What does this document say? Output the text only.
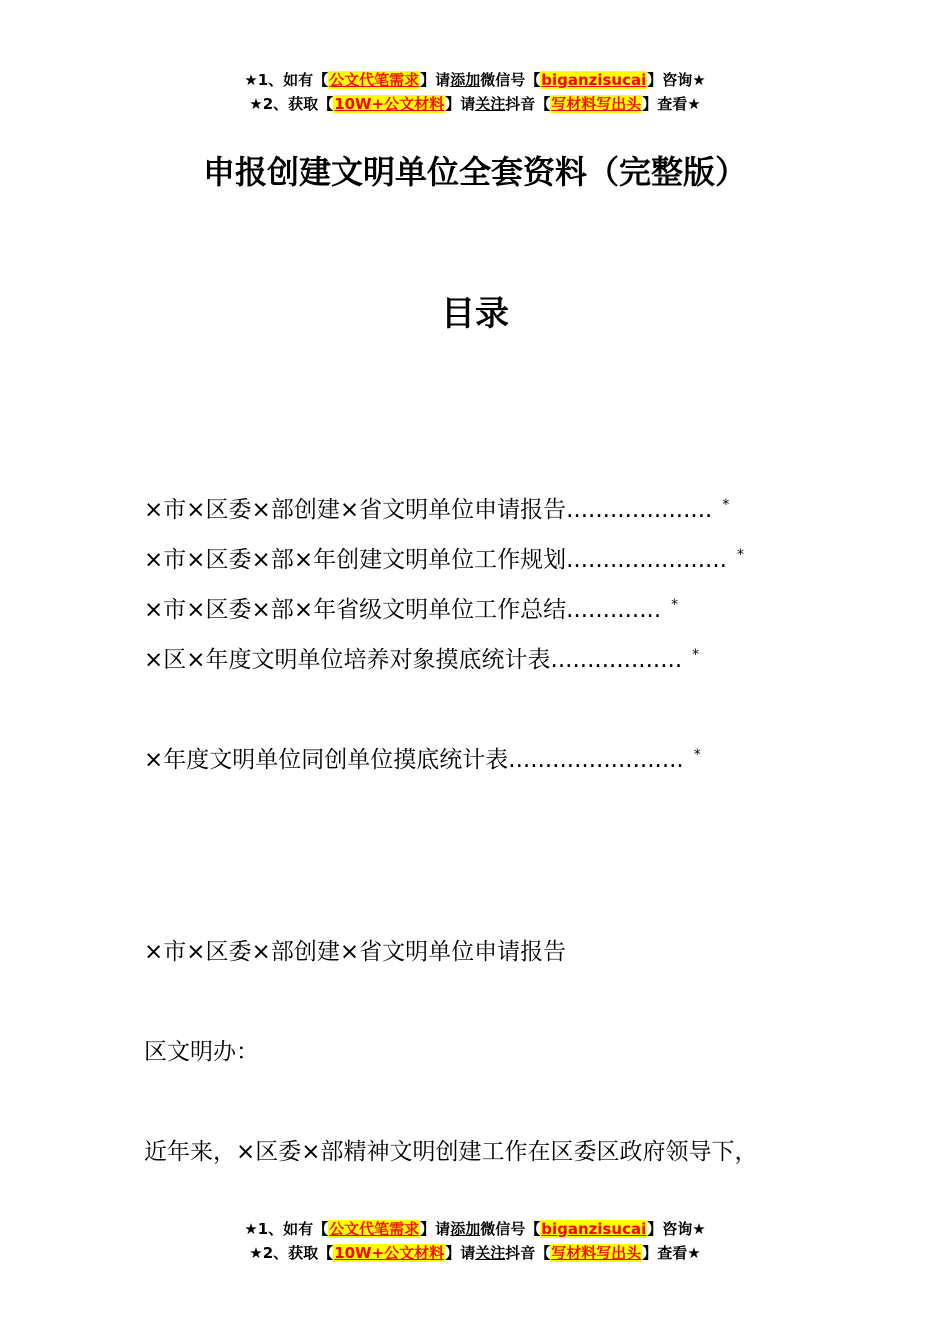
★1、如有【公文代笔需求】请添加微信号【biganzisucai】咨询★
★2、获取【10W+公文材料】请关注抖音【写材料写出头】查看★
申报创建文明单位全套资料（完整版）
目录
×市×区委×部创建×省文明单位申请报告.................... *
×市×区委×部×年创建文明单位工作规划...................... *
×市×区委×部×年省级文明单位工作总结............. *
×区×年度文明单位培养对象摸底统计表.................. *
×年度文明单位同创单位摸底统计表........................ *
×市×区委×部创建×省文明单位申请报告
区文明办：
近年来，×区委×部精神文明创建工作在区委区政府领导下，
★1、如有【公文代笔需求】请添加微信号【biganzisucai】咨询★
★2、获取【10W+公文材料】请关注抖音【写材料写出头】查看★
